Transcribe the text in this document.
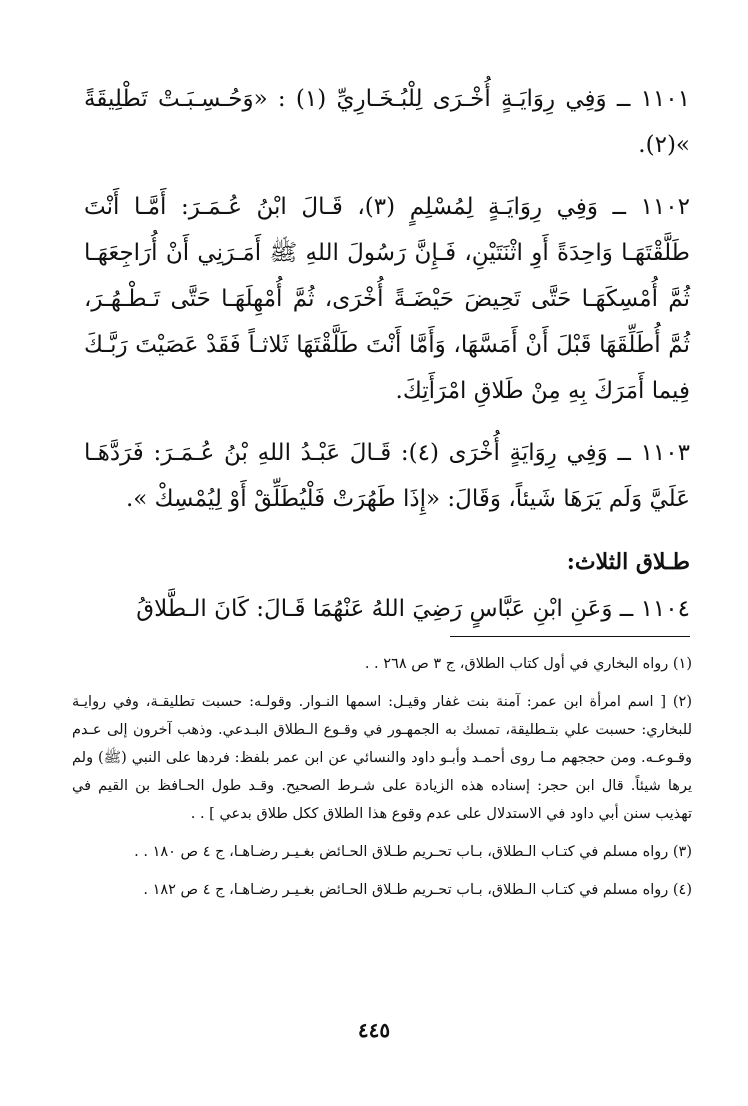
١١٠١ ــ وَفِي رِوَايَـةٍ أُخْـرَى لِلْبُـخَـارِيِّ (١) : «وَحُـسِـبَـتْ تَطْلِيقَةً »(٢).

١١٠٢ ــ وَفِي رِوَايَـةٍ لِمُسْلِمٍ (٣)، قَـالَ ابْنُ عُـمَـرَ: أَمَّـا أَنْتَ طَلَّقْتَهَـا وَاحِدَةً أَوِ اثْنَتَيْنِ، فَـإِنَّ رَسُولَ اللهِ ﷺ أَمَـرَنِي أَنْ أُرَاجِعَهَـا ثُمَّ أُمْسِكَهَـا حَتَّى تَحِيضَ حَيْضَـةً أُخْرَى، ثُمَّ أُمْهِلَهَـا حَتَّى تَـطْـهُـرَ، ثُمَّ أُطَلِّقَهَا قَبْلَ أَنْ أَمَسَّهَا، وَأَمَّا أَنْتَ طَلَّقْتَهَا ثَلاثـاً فَقَدْ عَصَيْتَ رَبَّـكَ فِيما أَمَرَكَ بِهِ مِنْ طَلاقِ امْرَأَتِكَ.

١١٠٣ ــ وَفِي رِوَايَةٍ أُخْرَى (٤): قَـالَ عَبْـدُ اللهِ بْنُ عُـمَـرَ: فَرَدَّهَـا عَلَيَّ وَلَم يَرَهَا شَيئاً، وَقَالَ: «إِذَا طَهُرَتْ فَلْيُطَلِّقْ أَوْ لِيُمْسِكْ ».

طـلاق الثلاث:

١١٠٤ ــ وَعَنِ ابْنِ عَبَّاسٍ رَضِيَ اللهُ عَنْهُمَا قَـالَ: كَانَ الـطَّلاقُ

(١) رواه البخاري في أول كتاب الطلاق، ج ٣ ص ٢٦٨ . .

(٢) [ اسم امرأة ابن عمر: آمنة بنت غفار وقيـل: اسمها النـوار. وقولـه: حسبت تطليقـة، وفي روايـة للبخاري: حسبت علي بتـطليقة، تمسك به الجمهـور في وقـوع الـطلاق البـدعي. وذهب آخرون إلى عـدم وقـوعـه. ومن حججهم مـا روى أحمـد وأبـو داود والنسائي عن ابن عمر بلفظ: فردها على النبي (ﷺ) ولم يرها شيئاً. قال ابن حجر: إسناده هذه الزيادة على شـرط الصحيح. وقـد طول الحـافظ بن القيم في تهذيب سنن أبي داود في الاستدلال على عدم وقوع هذا الطلاق ككل طلاق بدعي ] . .

(٣) رواه مسلم في كتـاب الـطلاق، بـاب تحـريم طـلاق الحـائض بغـيـر رضـاهـا، ج ٤ ص ١٨٠ . .

(٤) رواه مسلم في كتـاب الـطلاق، بـاب تحـريم طـلاق الحـائض بغـيـر رضـاهـا، ج ٤ ص ١٨٢ .

٤٤٥
